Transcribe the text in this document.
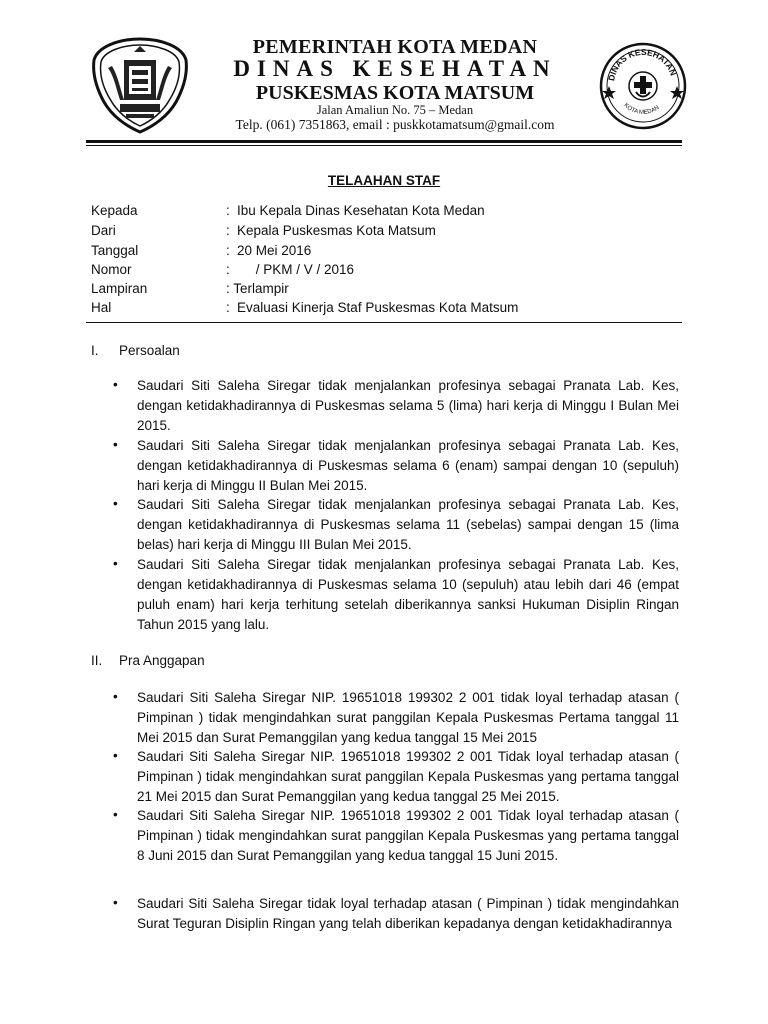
DINAS KESEHATAN
KOTA MEDAN
PEMERINTAH KOTA MEDAN
DINAS KESEHATAN
PUSKESMAS KOTA MATSUM
Jalan Amaliun No. 75 – Medan
Telp. (061) 7351863, email : puskkotamatsum@gmail.com
TELAAHAN STAF
Kepada	: Ibu Kepala Dinas Kesehatan Kota Medan
Dari	: Kepala Puskesmas Kota Matsum
Tanggal	: 20 Mei 2016
Nomor	: / PKM / V / 2016
Lampiran	: Terlampir
Hal	: Evaluasi Kinerja Staf Puskesmas Kota Matsum
I. Persoalan
• Saudari Siti Saleha Siregar tidak menjalankan profesinya sebagai Pranata Lab. Kes, dengan ketidakhadirannya di Puskesmas selama 5 (lima) hari kerja di Minggu I Bulan Mei 2015.

• Saudari Siti Saleha Siregar tidak menjalankan profesinya sebagai Pranata Lab. Kes, dengan ketidakhadirannya di Puskesmas selama 6 (enam) sampai dengan 10 (sepuluh) hari kerja di Minggu II Bulan Mei 2015.

• Saudari Siti Saleha Siregar tidak menjalankan profesinya sebagai Pranata Lab. Kes, dengan ketidakhadirannya di Puskesmas selama 11 (sebelas) sampai dengan 15 (lima belas) hari kerja di Minggu III Bulan Mei 2015.

• Saudari Siti Saleha Siregar tidak menjalankan profesinya sebagai Pranata Lab. Kes, dengan ketidakhadirannya di Puskesmas selama 10 (sepuluh) atau lebih dari 46 (empat puluh enam) hari kerja terhitung setelah diberikannya sanksi Hukuman Disiplin Ringan Tahun 2015 yang lalu.

II. Pra Anggapan
• Saudari Siti Saleha Siregar NIP. 19651018 199302 2 001 tidak loyal terhadap atasan ( Pimpinan ) tidak mengindahkan surat panggilan Kepala Puskesmas Pertama tanggal 11 Mei 2015 dan Surat Pemanggilan yang kedua tanggal 15 Mei 2015

• Saudari Siti Saleha Siregar NIP. 19651018 199302 2 001 Tidak loyal terhadap atasan ( Pimpinan ) tidak mengindahkan surat panggilan Kepala Puskesmas yang pertama tanggal 21 Mei 2015 dan Surat Pemanggilan yang kedua tanggal 25 Mei 2015.

• Saudari Siti Saleha Siregar NIP. 19651018 199302 2 001 Tidak loyal terhadap atasan ( Pimpinan ) tidak mengindahkan surat panggilan Kepala Puskesmas yang pertama tanggal 8 Juni 2015 dan Surat Pemanggilan yang kedua tanggal 15 Juni 2015.

• Saudari Siti Saleha Siregar tidak loyal terhadap atasan ( Pimpinan ) tidak mengindahkan Surat Teguran Disiplin Ringan yang telah diberikan kepadanya dengan ketidakhadirannya
